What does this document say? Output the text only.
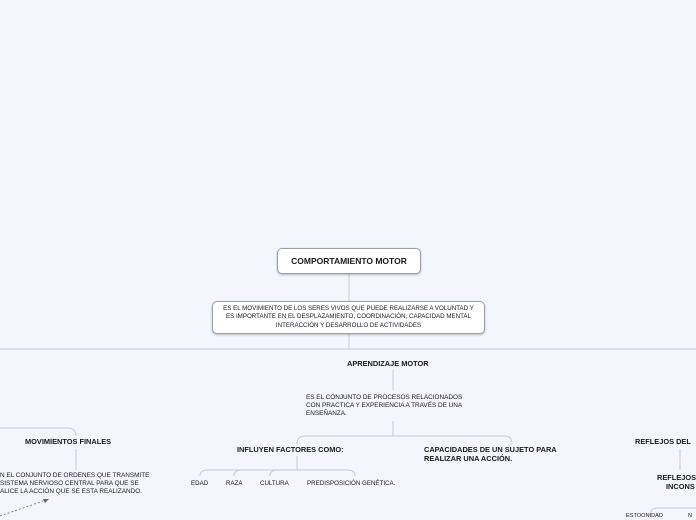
COMPORTAMIENTO MOTOR
ES EL MOVIMIENTO DE LOS SERES VIVOS QUE PUEDE REALIZARSE A VOLUNTAD Y ES IMPORTANTE EN EL DESPLAZAMIENTO, COORDINACIÓN, CAPACIDAD MENTAL INTERACCIÓN Y DESARROLLO DE ACTIVIDADES
APRENDIZAJE MOTOR
ES EL CONJUNTO DE PROCESOS RELACIONADOS
CON PRACTICA Y EXPERIENCIA A TRAVÉS DE UNA
ENSEÑANZA.
INFLUYEN FACTORES COMO:
EDAD	RAZA	CULTURA	PREDISPOSICIÓN GENÉTICA.
CAPACIDADES DE UN SUJETO PARA
REALIZAR UNA ACCIÓN.
MOVIMIENTOS FINALES
N EL CONJUNTO DE ORDENES QUE TRANSMITE
SISTEMA NERVIOSO CENTRAL PARA QUE SE
ALICE LA ACCIÓN QUE SE ESTA REALIZANDO.
REFLEJOS DEL
REFLEJOS
INCONS
ESTOONIDAD	N
